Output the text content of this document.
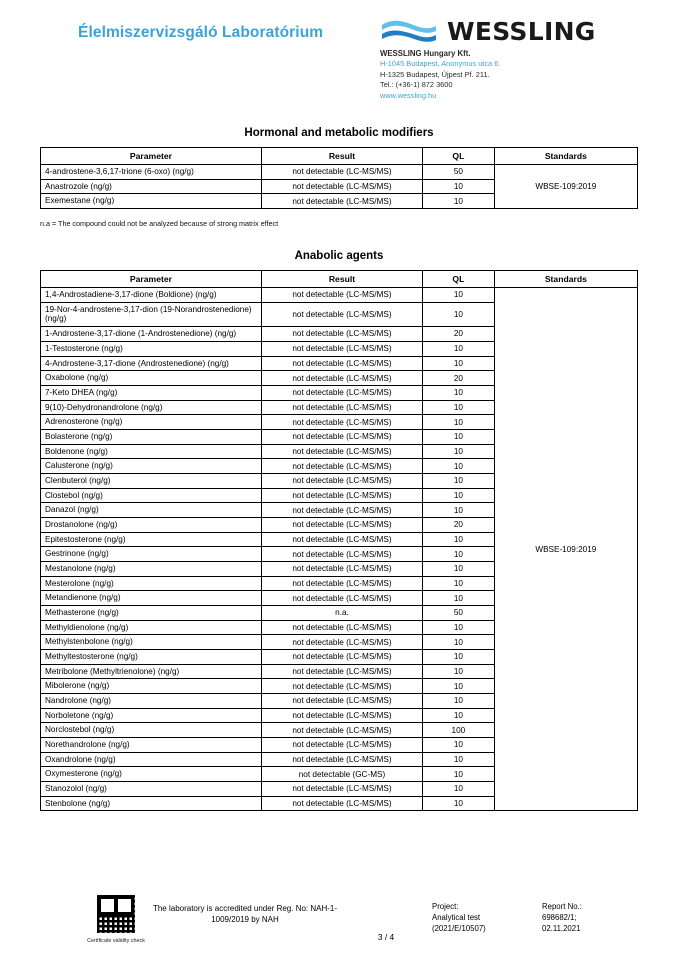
Élelmiszervizsgáló Laboratórium	WESSLING
WESSLING Hungary Kft.
H-1045 Budapest, Anonymus utca 6.
H-1325 Budapest, Újpest Pf. 211.
Tel.: (+36-1) 872 3600
www.wessling.hu
Hormonal and metabolic modifiers
Parameter	Result	QL	Standards
4-androstene-3,6,17-trione (6-oxo) (ng/g)	not detectable (LC-MS/MS)	50	WBSE-109:2019
Anastrozole (ng/g)	not detectable (LC-MS/MS)	10	
Exemestane (ng/g)	not detectable (LC-MS/MS)	10	
n.a = The compound could not be analyzed because of strong matrix effect
Anabolic agents
Parameter	Result	QL	Standards
1,4-Androstadiene-3,17-dione (Boldione) (ng/g)	not detectable (LC-MS/MS)	10	WBSE-109:2019
19-Nor-4-androstene-3,17-dion (19-Norandrostenedione) (ng/g)	not detectable (LC-MS/MS)	10	
1-Androstene-3,17-dione (1-Androstenedione) (ng/g)	not detectable (LC-MS/MS)	20	
1-Testosterone (ng/g)	not detectable (LC-MS/MS)	10	
4-Androstene-3,17-dione (Androstenedione) (ng/g)	not detectable (LC-MS/MS)	10	
Oxabolone (ng/g)	not detectable (LC-MS/MS)	20	
7-Keto DHEA (ng/g)	not detectable (LC-MS/MS)	10	
9(10)-Dehydronandrolone (ng/g)	not detectable (LC-MS/MS)	10	
Adrenosterone (ng/g)	not detectable (LC-MS/MS)	10	
Bolasterone (ng/g)	not detectable (LC-MS/MS)	10	
Boldenone (ng/g)	not detectable (LC-MS/MS)	10	
Calusterone (ng/g)	not detectable (LC-MS/MS)	10	
Clenbuterol (ng/g)	not detectable (LC-MS/MS)	10	
Clostebol (ng/g)	not detectable (LC-MS/MS)	10	
Danazol (ng/g)	not detectable (LC-MS/MS)	10	
Drostanolone (ng/g)	not detectable (LC-MS/MS)	20	
Epitestosterone (ng/g)	not detectable (LC-MS/MS)	10	
Gestrinone (ng/g)	not detectable (LC-MS/MS)	10	
Mestanolone (ng/g)	not detectable (LC-MS/MS)	10	
Mesterolone (ng/g)	not detectable (LC-MS/MS)	10	
Metandienone (ng/g)	not detectable (LC-MS/MS)	10	
Methasterone (ng/g)	n.a.	50	
Methyldienolone (ng/g)	not detectable (LC-MS/MS)	10	
Methylstenbolone (ng/g)	not detectable (LC-MS/MS)	10	
Methyltestosterone (ng/g)	not detectable (LC-MS/MS)	10	
Metribolone (Methyltrienolone) (ng/g)	not detectable (LC-MS/MS)	10	
Mibolerone (ng/g)	not detectable (LC-MS/MS)	10	
Nandrolone (ng/g)	not detectable (LC-MS/MS)	10	
Norboletone (ng/g)	not detectable (LC-MS/MS)	10	
Norclostebol (ng/g)	not detectable (LC-MS/MS)	100	
Norethandrolone (ng/g)	not detectable (LC-MS/MS)	10	
Oxandrolone (ng/g)	not detectable (LC-MS/MS)	10	
Oxymesterone (ng/g)	not detectable (GC-MS)	10	
Stanozolol (ng/g)	not detectable (LC-MS/MS)	10	
Stenbolone (ng/g)	not detectable (LC-MS/MS)	10	
Certificate validity check
The laboratory is accredited under Reg. No: NAH-1-1009/2019 by NAH
3 / 4
Project:
Analytical test
(2021/E/10507)
Report No.:
698682/1;
02.11.2021
